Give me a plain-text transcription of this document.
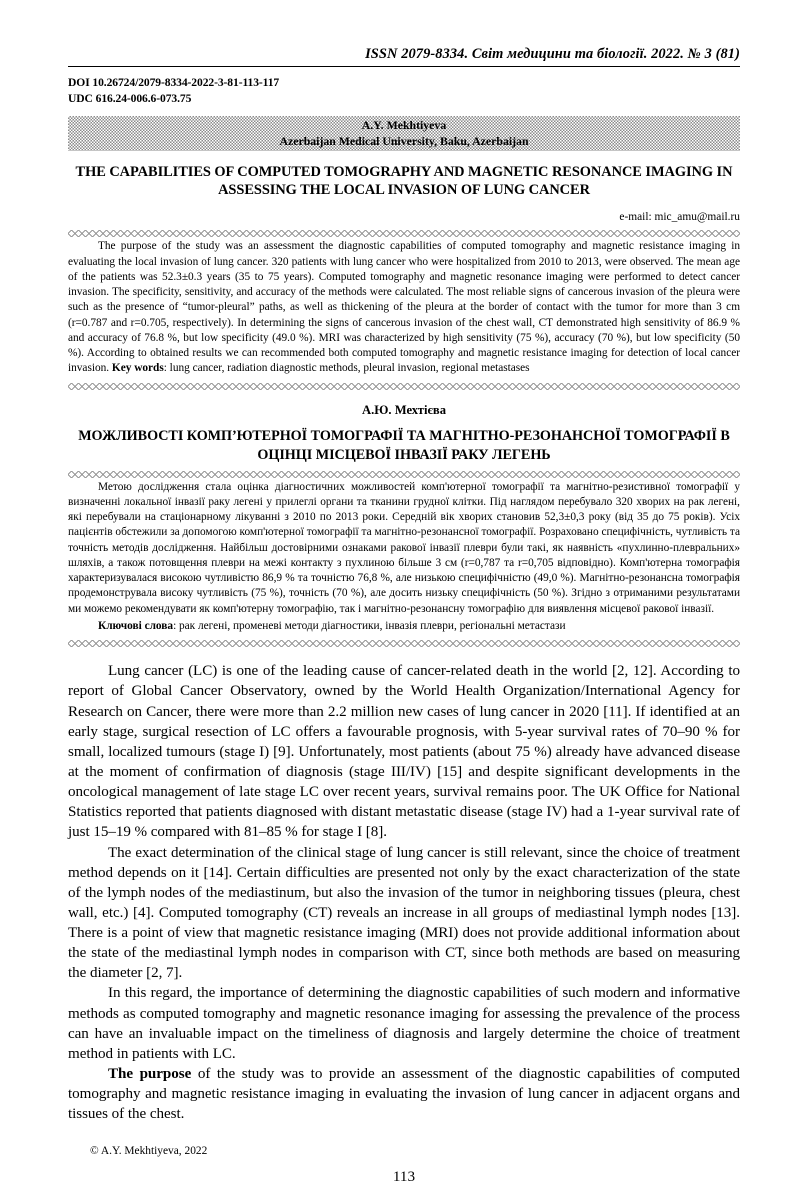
ISSN 2079-8334. Світ медицини та біології. 2022. № 3 (81)
DOI 10.26724/2079-8334-2022-3-81-113-117
UDC 616.24-006.6-073.75
A.Y. Mekhtiyeva
Azerbaijan Medical University, Baku, Azerbaijan
THE CAPABILITIES OF COMPUTED TOMOGRAPHY AND MAGNETIC RESONANCE IMAGING IN ASSESSING THE LOCAL INVASION OF LUNG CANCER
e-mail: mic_amu@mail.ru

The purpose of the study was an assessment the diagnostic capabilities of computed tomography and magnetic resistance imaging in evaluating the local invasion of lung cancer. 320 patients with lung cancer who were hospitalized from 2010 to 2013, were observed. The mean age of the patients was 52.3±0.3 years (35 to 75 years). Computed tomography and magnetic resonance imaging were performed to detect cancer invasion. The specificity, sensitivity, and accuracy of the methods were calculated. The most reliable signs of cancerous invasion of the pleura were such as the presence of “tumor-pleural” paths, as well as thickening of the pleura at the border of contact with the tumor for more than 3 cm (r=0.787 and r=0.705, respectively). In determining the signs of cancerous invasion of the chest wall, CT demonstrated high sensitivity of 86.9 % and accuracy of 76.8 %, but low specificity (49.0 %). MRI was characterized by high sensitivity (75 %), accuracy (70 %), but low specificity (50 %). According to obtained results we can recommended both computed tomography and magnetic resistance imaging for detection of local cancer invasion. Key words: lung cancer, radiation diagnostic methods, pleural invasion, regional metastases

А.Ю. Мехтієва
МОЖЛИВОСТІ КОМП’ЮТЕРНОЇ ТОМОГРАФІЇ ТА МАГНІТНО-РЕЗОНАНСНОЇ ТОМОГРАФІЇ В ОЦІНЦІ МІСЦЕВОЇ ІНВАЗІЇ РАКУ ЛЕГЕНЬ

Метою дослідження стала оцінка діагностичних можливостей комп'ютерної томографії та магнітно-резистивної томографії у визначенні локальної інвазії раку легені у прилеглі органи та тканини грудної клітки. Під наглядом перебувало 320 хворих на рак легені, які перебували на стаціонарному лікуванні з 2010 по 2013 роки. Середній вік хворих становив 52,3±0,3 року (від 35 до 75 років). Усіх пацієнтів обстежили за допомогою комп'ютерної томографії та магнітно-резонансної томографії. Розраховано специфічність, чутливість та точність методів дослідження. Найбільш достовірними ознаками ракової інвазії плеври були такі, як наявність «пухлинно-плевральних» шляхів, а також потовщення плеври на межі контакту з пухлиною більше 3 см (r=0,787 та r=0,705 відповідно). Комп'ютерна томографія характеризувалася високою чутливістю 86,9 % та точністю 76,8 %, але низькою специфічністю (49,0 %). Магнітно-резонансна томографія продемонструвала високу чутливість (75 %), точність (70 %), але досить низьку специфічність (50 %). Згідно з отриманими результатами ми можемо рекомендувати як комп'ютерну томографію, так і магнітно-резонансну томографію для виявлення місцевої ракової інвазії.

Ключові слова: рак легені, променеві методи діагностики, інвазія плеври, регіональні метастази

Lung cancer (LC) is one of the leading cause of cancer-related death in the world [2, 12]. According to report of Global Cancer Observatory, owned by the World Health Organization/International Agency for Research on Cancer, there were more than 2.2 million new cases of lung cancer in 2020 [11]. If identified at an early stage, surgical resection of LC offers a favourable prognosis, with 5-year survival rates of 70–90 % for small, localized tumours (stage I) [9]. Unfortunately, most patients (about 75 %) already have advanced disease at the moment of confirmation of diagnosis (stage III/IV) [15] and despite significant developments in the oncological management of late stage LC over recent years, survival remains poor. The UK Office for National Statistics reported that patients diagnosed with distant metastatic disease (stage IV) had a 1-year survival rate of just 15–19 % compared with 81–85 % for stage I [8].

The exact determination of the clinical stage of lung cancer is still relevant, since the choice of treatment method depends on it [14]. Certain difficulties are presented not only by the exact characterization of the state of the lymph nodes of the mediastinum, but also the invasion of the tumor in neighboring tissues (pleura, chest wall, etc.) [4]. Computed tomography (CT) reveals an increase in all groups of mediastinal lymph nodes [13]. There is a point of view that magnetic resistance imaging (MRI) does not provide additional information about the state of the mediastinal lymph nodes in comparison with CT, since both methods are based on measuring the diameter [2, 7].

In this regard, the importance of determining the diagnostic capabilities of such modern and informative methods as computed tomography and magnetic resonance imaging for assessing the prevalence of the process can have an invaluable impact on the timeliness of diagnosis and largely determine the choice of treatment method in patients with LC.

The purpose of the study was to provide an assessment of the diagnostic capabilities of computed tomography and magnetic resistance imaging in evaluating the invasion of lung cancer in adjacent organs and tissues of the chest.

© A.Y. Mekhtiyeva, 2022
113
